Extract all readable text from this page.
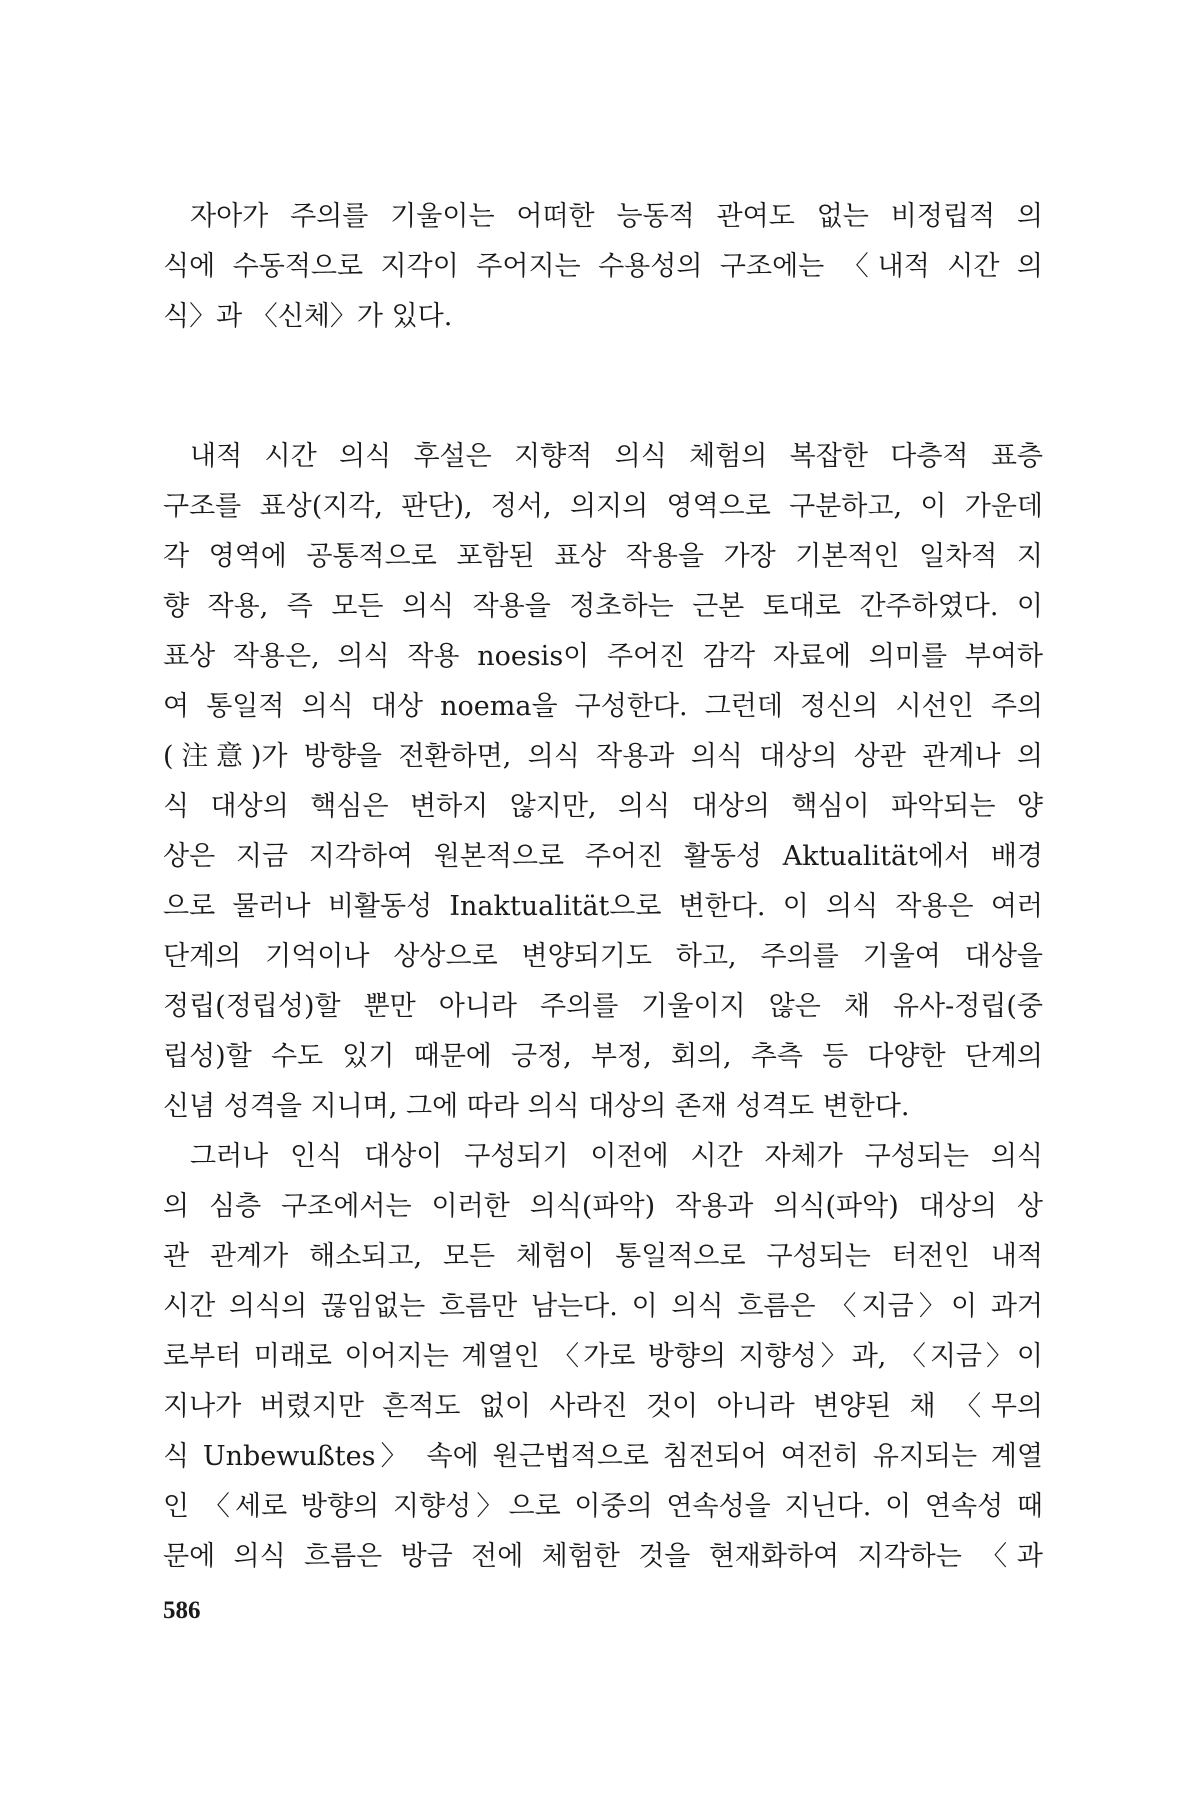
자아가 주의를 기울이는 어떠한 능동적 관여도 없는 비정립적 의
식에 수동적으로 지각이 주어지는 수용성의 구조에는 〈내적 시간 의
식〉과 〈신체〉가 있다.

내적 시간 의식 후설은 지향적 의식 체험의 복잡한 다층적 표층
구조를 표상(지각, 판단), 정서, 의지의 영역으로 구분하고, 이 가운데
각 영역에 공통적으로 포함된 표상 작용을 가장 기본적인 일차적 지
향 작용, 즉 모든 의식 작용을 정초하는 근본 토대로 간주하였다. 이
표상 작용은, 의식 작용 noesis이 주어진 감각 자료에 의미를 부여하
여 통일적 의식 대상 noema을 구성한다. 그런데 정신의 시선인 주의
(注意)가 방향을 전환하면, 의식 작용과 의식 대상의 상관 관계나 의
식 대상의 핵심은 변하지 않지만, 의식 대상의 핵심이 파악되는 양
상은 지금 지각하여 원본적으로 주어진 활동성 Aktualität에서 배경
으로 물러나 비활동성 Inaktualität으로 변한다. 이 의식 작용은 여러
단계의 기억이나 상상으로 변양되기도 하고, 주의를 기울여 대상을
정립(정립성)할 뿐만 아니라 주의를 기울이지 않은 채 유사-정립(중
립성)할 수도 있기 때문에 긍정, 부정, 회의, 추측 등 다양한 단계의
신념 성격을 지니며, 그에 따라 의식 대상의 존재 성격도 변한다.

그러나 인식 대상이 구성되기 이전에 시간 자체가 구성되는 의식
의 심층 구조에서는 이러한 의식(파악) 작용과 의식(파악) 대상의 상
관 관계가 해소되고, 모든 체험이 통일적으로 구성되는 터전인 내적
시간 의식의 끊임없는 흐름만 남는다. 이 의식 흐름은 〈지금〉이 과거
로부터 미래로 이어지는 계열인 〈가로 방향의 지향성〉과, 〈지금〉이
지나가 버렸지만 흔적도 없이 사라진 것이 아니라 변양된 채 〈무의
식 Unbewußtes〉 속에 원근법적으로 침전되어 여전히 유지되는 계열
인 〈세로 방향의 지향성〉으로 이중의 연속성을 지닌다. 이 연속성 때
문에 의식 흐름은 방금 전에 체험한 것을 현재화하여 지각하는 〈과

586
